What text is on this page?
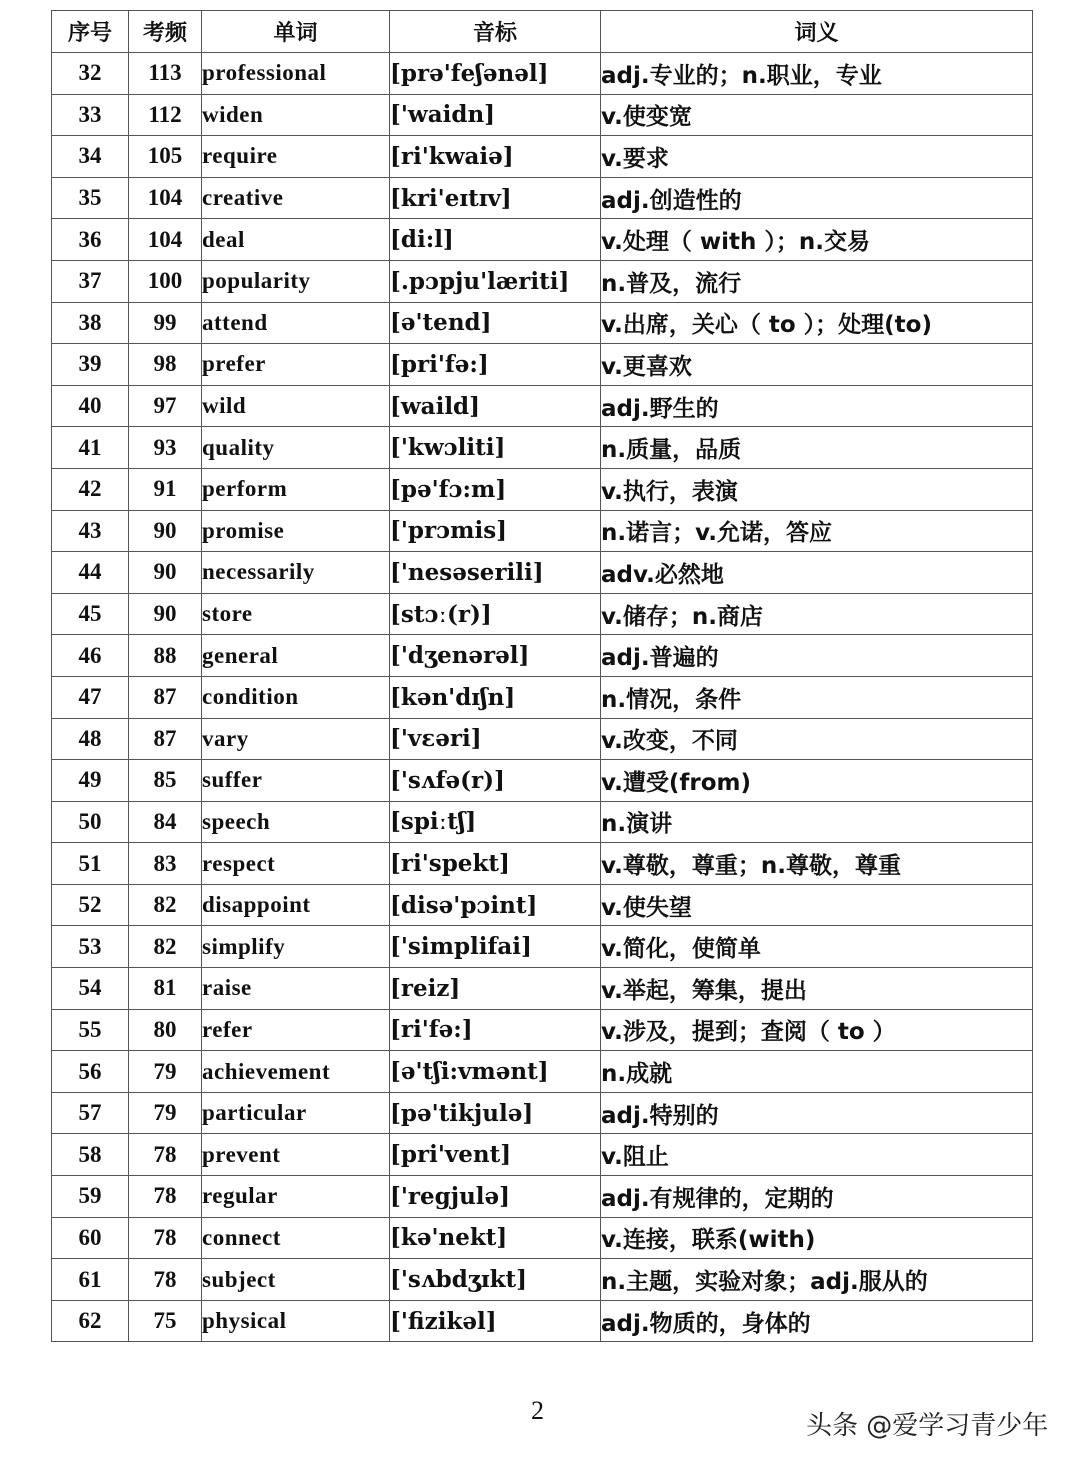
序号	考频	单词	音标	词义
32	113	professional	[prə'feʃənəl]	adj.专业的；n.职业，专业
33	112	widen	['waidn]	v.使变宽
34	105	require	[ri'kwaiə]	v.要求
35	104	creative	[kri'eɪtɪv]	adj.创造性的
36	104	deal	[di:l]	v.处理（ with ）；n.交易
37	100	popularity	[.pɔpju'læriti]	n.普及，流行
38	99	attend	[ə'tend]	v.出席，关心（ to ）；处理(to)
39	98	prefer	[pri'fə:]	v.更喜欢
40	97	wild	[waild]	adj.野生的
41	93	quality	['kwɔliti]	n.质量，品质
42	91	perform	[pə'fɔ:m]	v.执行，表演
43	90	promise	['prɔmis]	n.诺言；v.允诺，答应
44	90	necessarily	['nesəserili]	adv.必然地
45	90	store	[stɔː(r)]	v.储存；n.商店
46	88	general	['dʒenərəl]	adj.普遍的
47	87	condition	[kən'dɪʃn]	n.情况，条件
48	87	vary	['vɛəri]	v.改变，不同
49	85	suffer	['sʌfə(r)]	v.遭受(from)
50	84	speech	[spiːtʃ]	n.演讲
51	83	respect	[ri'spekt]	v.尊敬，尊重；n.尊敬，尊重
52	82	disappoint	[disə'pɔint]	v.使失望
53	82	simplify	['simplifai]	v.简化，使简单
54	81	raise	[reiz]	v.举起，筹集，提出
55	80	refer	[ri'fə:]	v.涉及，提到；查阅（ to ）
56	79	achievement	[ə'tʃi:vmənt]	n.成就
57	79	particular	[pə'tikjulə]	adj.特别的
58	78	prevent	[pri'vent]	v.阻止
59	78	regular	['regjulə]	adj.有规律的，定期的
60	78	connect	[kə'nekt]	v.连接，联系(with)
61	78	subject	['sʌbdʒɪkt]	n.主题，实验对象；adj.服从的
62	75	physical	['fizikəl]	adj.物质的，身体的
2
头条 @爱学习青少年
